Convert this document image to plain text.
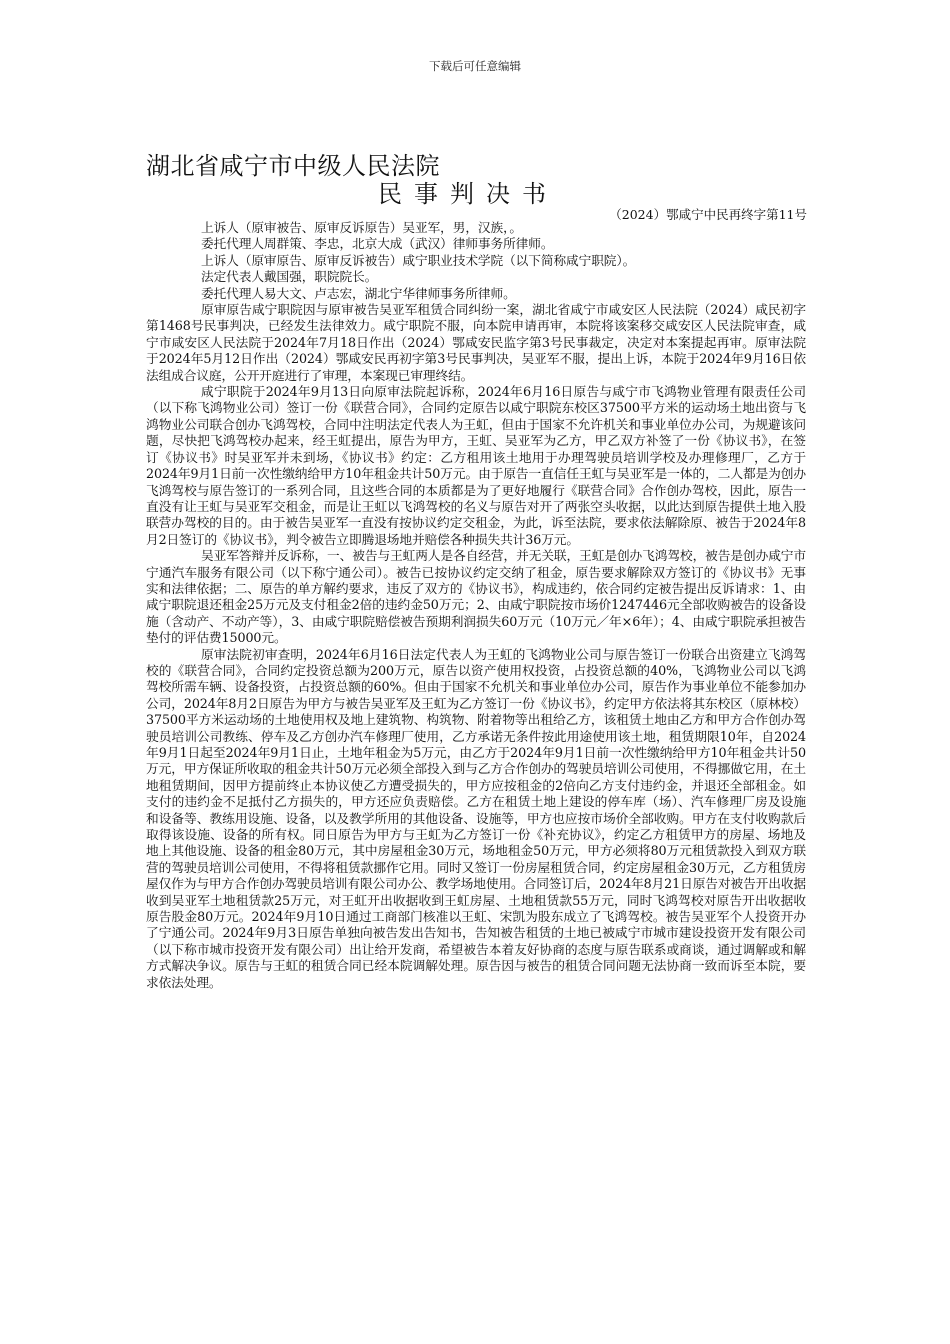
下载后可任意编辑
湖北省咸宁市中级人民法院
民事判决书
（2024）鄂咸宁中民再终字第11号

上诉人（原审被告、原审反诉原告）吴亚军，男，汉族，。

委托代理人周群策、李忠，北京大成（武汉）律师事务所律师。

上诉人（原审原告、原审反诉被告）咸宁职业技术学院（以下简称咸宁职院）。

法定代表人戴国强，职院院长。

委托代理人易大文、卢志宏，湖北宁华律师事务所律师。

原审原告咸宁职院因与原审被告吴亚军租赁合同纠纷一案，湖北省咸宁市咸安区人民法院（2024）咸民初字第1468号民事判决，已经发生法律效力。咸宁职院不服，向本院申请再审，本院将该案移交咸安区人民法院审查，咸宁市咸安区人民法院于2024年7月18日作出（2024）鄂咸安民监字第3号民事裁定，决定对本案提起再审。原审法院于2024年5月12日作出（2024）鄂咸安民再初字第3号民事判决，吴亚军不服，提出上诉，本院于2024年9月16日依法组成合议庭，公开开庭进行了审理，本案现已审理终结。

咸宁职院于2024年9月13日向原审法院起诉称，2024年6月16日原告与咸宁市飞鸿物业管理有限责任公司（以下称飞鸿物业公司）签订一份《联营合同》，合同约定原告以咸宁职院东校区37500平方米的运动场土地出资与飞鸿物业公司联合创办飞鸿驾校，合同中注明法定代表人为王虹，但由于国家不允许机关和事业单位办公司，为规避该问题，尽快把飞鸿驾校办起来，经王虹提出，原告为甲方，王虹、吴亚军为乙方，甲乙双方补签了一份《协议书》，在签订《协议书》时吴亚军并未到场，《协议书》约定：乙方租用该土地用于办理驾驶员培训学校及办理修理厂，乙方于2024年9月1日前一次性缴纳给甲方10年租金共计50万元。由于原告一直信任王虹与吴亚军是一体的，二人都是为创办飞鸿驾校与原告签订的一系列合同，且这些合同的本质都是为了更好地履行《联营合同》合作创办驾校，因此，原告一直没有让王虹与吴亚军交租金，而是让王虹以飞鸿驾校的名义与原告对开了两张空头收据，以此达到原告提供土地入股联营办驾校的目的。由于被告吴亚军一直没有按协议约定交租金，为此，诉至法院，要求依法解除原、被告于2024年8月2日签订的《协议书》，判令被告立即腾退场地并赔偿各种损失共计36万元。

吴亚军答辩并反诉称，一、被告与王虹两人是各自经营，并无关联，王虹是创办飞鸿驾校，被告是创办咸宁市宁通汽车服务有限公司（以下称宁通公司）。被告已按协议约定交纳了租金，原告要求解除双方签订的《协议书》无事实和法律依据；二、原告的单方解约要求，违反了双方的《协议书》，构成违约，依合同约定被告提出反诉请求：1、由咸宁职院退还租金25万元及支付租金2倍的违约金50万元；2、由咸宁职院按市场价1247446元全部收购被告的设备设施（含动产、不动产等），3、由咸宁职院赔偿被告预期利润损失60万元（10万元／年×6年）；4、由咸宁职院承担被告垫付的评估费15000元。

原审法院初审查明，2024年6月16日法定代表人为王虹的飞鸿物业公司与原告签订一份联合出资建立飞鸿驾校的《联营合同》，合同约定投资总额为200万元，原告以资产使用权投资，占投资总额的40%，飞鸿物业公司以飞鸿驾校所需车辆、设备投资，占投资总额的60%。但由于国家不允机关和事业单位办公司，原告作为事业单位不能参加办公司，2024年8月2日原告为甲方与被告吴亚军及王虹为乙方签订一份《协议书》，约定甲方依法将其东校区（原林校）37500平方米运动场的土地使用权及地上建筑物、构筑物、附着物等出租给乙方，该租赁土地由乙方和甲方合作创办驾驶员培训公司教练、停车及乙方创办汽车修理厂使用，乙方承诺无条件按此用途使用该土地，租赁期限10年，自2024年9月1日起至2024年9月1日止，土地年租金为5万元，由乙方于2024年9月1日前一次性缴纳给甲方10年租金共计50万元，甲方保证所收取的租金共计50万元必须全部投入到与乙方合作创办的驾驶员培训公司使用，不得挪做它用，在土地租赁期间，因甲方提前终止本协议使乙方遭受损失的，甲方应按租金的2倍向乙方支付违约金，并退还全部租金。如支付的违约金不足抵付乙方损失的，甲方还应负责赔偿。乙方在租赁土地上建设的停车库（场）、汽车修理厂房及设施和设备等、教练用设施、设备，以及教学所用的其他设备、设施等，甲方也应按市场价全部收购。甲方在支付收购款后取得该设施、设备的所有权。同日原告为甲方与王虹为乙方签订一份《补充协议》，约定乙方租赁甲方的房屋、场地及地上其他设施、设备的租金80万元，其中房屋租金30万元，场地租金50万元，甲方必须将80万元租赁款投入到双方联营的驾驶员培训公司使用，不得将租赁款挪作它用。同时又签订一份房屋租赁合同，约定房屋租金30万元，乙方租赁房屋仅作为与甲方合作创办驾驶员培训有限公司办公、教学场地使用。合同签订后，2024年8月21日原告对被告开出收据收到吴亚军土地租赁款25万元，对王虹开出收据收到王虹房屋、土地租赁款55万元，同时飞鸿驾校对原告开出收据收原告股金80万元。2024年9月10日通过工商部门核准以王虹、宋凯为股东成立了飞鸿驾校。被告吴亚军个人投资开办了宁通公司。2024年9月3日原告单独向被告发出告知书，告知被告租赁的土地已被咸宁市城市建设投资开发有限公司（以下称市城市投资开发有限公司）出让给开发商，希望被告本着友好协商的态度与原告联系或商谈，通过调解或和解方式解决争议。原告与王虹的租赁合同已经本院调解处理。原告因与被告的租赁合同问题无法协商一致而诉至本院，要求依法处理。
